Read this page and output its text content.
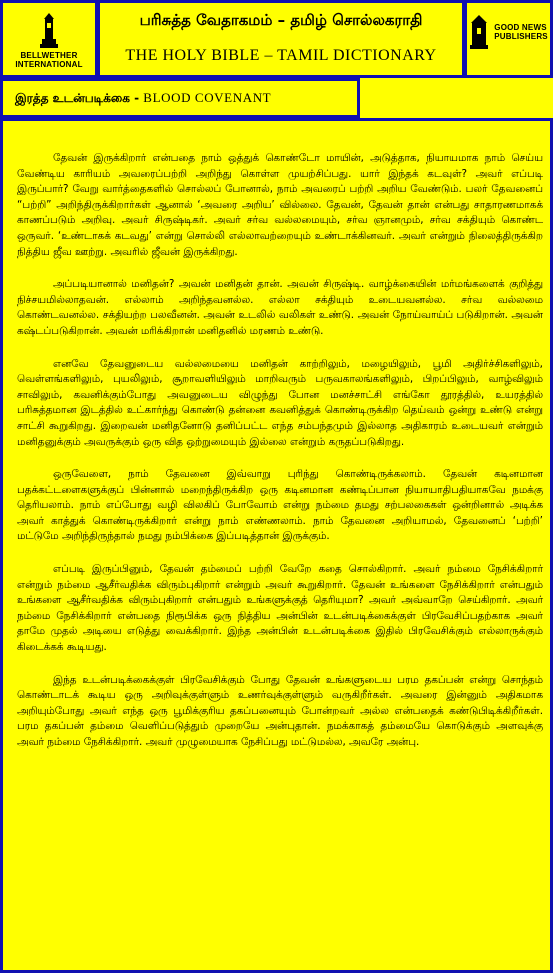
BELLWETHER
INTERNATIONAL
பரிசுத்த வேதாகமம் – தமிழ் சொல்லகராதி
THE HOLY BIBLE – TAMIL DICTIONARY

GOOD NEWS
PUBLISHERS
இரத்த உடன்படிக்கை - BLOOD COVENANT

தேவன் இருக்கிறார் என்பதை நாம் ஒத்துக் கொண்டோ மாயின், அடுத்தாக, நியாயமாக நாம் செய்ய வேண்டிய காரியம் அவரைப்பற்றி அறிந்து கொள்ள முயற்சிப்பது. யார் இந்தக் கடவுள்? அவர் எப்படி இருப்பார்? வேறு வார்த்தைகளில் சொல்லப் போனால், நாம் அவரைப் பற்றி அறிய வேண்டும். பலர் தேவனைப் “பற்றி” அறிந்திருக்கிறார்கள் ஆனால் ‘அவரை அறிய’ வில்லை. தேவன், தேவன் தான் என்பது சாதாரணமாகக் காணப்படும் அறிவு. அவர் சிருஷ்டிகர். அவர் சர்வ வல்லமையும், சர்வ ஞானமும், சர்வ சக்தியும் கொண்ட ஒருவர். ‘உண்டாகக் கடவது’ என்று சொல்லி எல்லாவற்றையும் உண்டாக்கினவர். அவர் என்றும் நிலைத்திருக்கிற நித்திய ஜீவ ஊற்று. அவரில் ஜீவன் இருக்கிறது.

அப்படியானால் மனிதன்? அவன் மனிதன் தான். அவன் சிருஷ்டி. வாழ்க்கையின் மர்மங்களைக் குறித்து நிச்சயமில்லாதவன். எல்லாம் அறிந்தவனல்ல. எல்லா சக்தியும் உடையவனல்ல. சர்வ வல்லமை கொண்டவனல்ல. சக்தியற்ற பலவீனன். அவன் உடலில் வலிகள் உண்டு. அவன் நோய்வாய்ப் படுகிறான். அவன் கஷ்டப்படுகிறான். அவன் மரிக்கிறான் மனிதனில் மரணம் உண்டு.

எனவே தேவனுடைய வல்லமையை மனிதன் காற்றிலும், மழையிலும், பூமி அதிர்ச்சிகளிலும், வெள்ளங்களிலும், புயலிலும், சூறாவளியிலும் மாறிவரும் பருவகாலங்களிலும், பிறப்பிலும், வாழ்விலும் சாவிலும், கவனிக்கும்போது அவனுடைய விழுந்து போன மனச்சாட்சி எங்கோ தூரத்தில், உயரத்தில் பரிசுத்தமான இடத்தில் உட்கார்ந்து கொண்டு தன்னை கவனித்துக் கொண்டிருக்கிற தெய்வம் ஒன்று உண்டு என்று சாட்சி கூறுகிறது. இறைவன் மனிதனோடு தனிப்பட்ட எந்த சம்பந்தமும் இல்லாத அதிகாரம் உடையவர் என்றும் மனிதனுக்கும் அவருக்கும் ஒரு வித ஒற்றுமையும் இல்லை என்றும் கருதப்படுகிறது.

ஒருவேளை, நாம் தேவனை இவ்வாறு புரிந்து கொண்டிருக்கலாம். தேவன் கடினமான பதக்கட்டளைகளுக்குப் பின்னால் மறைந்திருக்கிற ஒரு கடினமான கண்டிப்பான நியாயாதிபதியாகவே நமக்கு தெரியலாம். நாம் எப்போது வழி விலகிப் போவோம் என்று நம்மை தமது சற்பலகைகள் ஒன்றினால் அடிக்க அவர் காத்துக் கொண்டிருக்கிறார் என்று நாம் எண்ணலாம். நாம் தேவனை அறியாமல், தேவனைப் ‘பற்றி’ மட்டுமே அறிந்திருந்தால் நமது நம்பிக்கை இப்படித்தான் இருக்கும்.

எப்படி இருப்பினும், தேவன் தம்மைப் பற்றி வேறே கதை சொல்கிறார். அவர் நம்மை நேசிக்கிறார் என்றும் நம்மை ஆசீர்வதிக்க விரும்புகிறார் என்றும் அவர் கூறுகிறார். தேவன் உங்களை நேசிக்கிறார் என்பதும் உங்களை ஆசீர்வதிக்க விரும்புகிறார் என்பதும் உங்களுக்குத் தெரியுமா? அவர் அவ்வாறே செய்கிறார். அவர் நம்மை நேசிக்கிறார் என்பதை நிரூபிக்க ஒரு நித்திய அன்பின் உடன்படிக்கைக்குள் பிரவேசிப்பதற்காக அவர் தாமே முதல் அடியை எடுத்து வைக்கிறார். இந்த அன்பின் உடன்படிக்கை இதில் பிரவேசிக்கும் எல்லாருக்கும் கிடைக்கக் கூடியது.

இந்த உடன்படிக்கைக்குள் பிரவேசிக்கும் போது தேவன் உங்களுடைய பரம தகப்பன் என்று சொந்தம் கொண்டாடக் கூடிய ஒரு அறிவுக்குள்ளும் உணர்வுக்குள்ளும் வருகிறீர்கள். அவரை இன்னும் அதிகமாக அறியும்போது அவர் எந்த ஒரு பூமிக்குரிய தகப்பனையும் போன்றவர் அல்ல என்பதைக் கண்டுபிடிக்கிறீர்கள். பரம தகப்பன் தம்மை வெளிப்படுத்தும் முறையே அன்புதான். நமக்காகத் தம்மையே கொடுக்கும் அளவுக்கு அவர் நம்மை நேசிக்கிறார். அவர் முழுமையாக நேசிப்பது மட்டுமல்ல, அவரே அன்பு.
